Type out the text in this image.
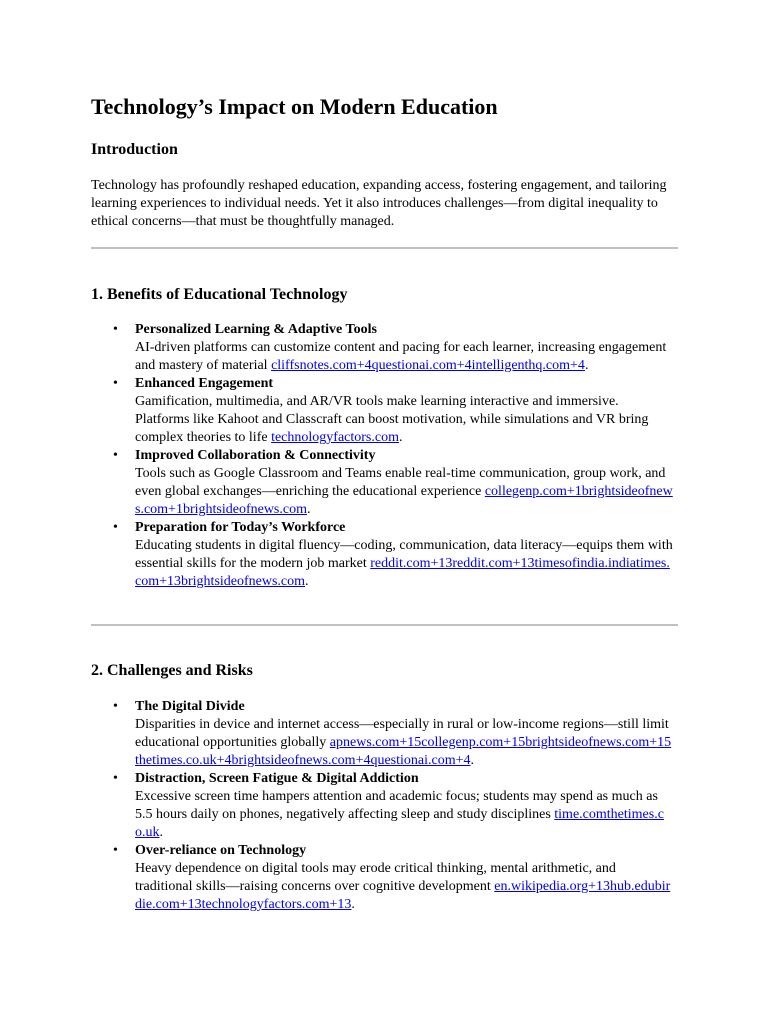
Technology’s Impact on Modern Education
Introduction

Technology has profoundly reshaped education, expanding access, fostering engagement, and tailoring learning experiences to individual needs. Yet it also introduces challenges—from digital inequality to ethical concerns—that must be thoughtfully managed.

1. Benefits of Educational Technology
• Personalized Learning & Adaptive Tools
AI-driven platforms can customize content and pacing for each learner, increasing engagement and mastery of material cliffsnotes.com+4questionai.com+4intelligenthq.com+4.
• Enhanced Engagement
Gamification, multimedia, and AR/VR tools make learning interactive and immersive. Platforms like Kahoot and Classcraft can boost motivation, while simulations and VR bring complex theories to life technologyfactors.com.
• Improved Collaboration & Connectivity
Tools such as Google Classroom and Teams enable real-time communication, group work, and even global exchanges—enriching the educational experience collegenp.com+1brightsideofnews.com+1brightsideofnews.com.
• Preparation for Today’s Workforce
Educating students in digital fluency—coding, communication, data literacy—equips them with essential skills for the modern job market reddit.com+13reddit.com+13timesofindia.indiatimes.com+13brightsideofnews.com.
2. Challenges and Risks
• The Digital Divide
Disparities in device and internet access—especially in rural or low-income regions—still limit educational opportunities globally apnews.com+15collegenp.com+15brightsideofnews.com+15thetimes.co.uk+4brightsideofnews.com+4questionai.com+4.
• Distraction, Screen Fatigue & Digital Addiction
Excessive screen time hampers attention and academic focus; students may spend as much as 5.5 hours daily on phones, negatively affecting sleep and study disciplines time.comthetimes.co.uk.
• Over-reliance on Technology
Heavy dependence on digital tools may erode critical thinking, mental arithmetic, and traditional skills—raising concerns over cognitive development en.wikipedia.org+13hub.edubirdie.com+13technologyfactors.com+13.
